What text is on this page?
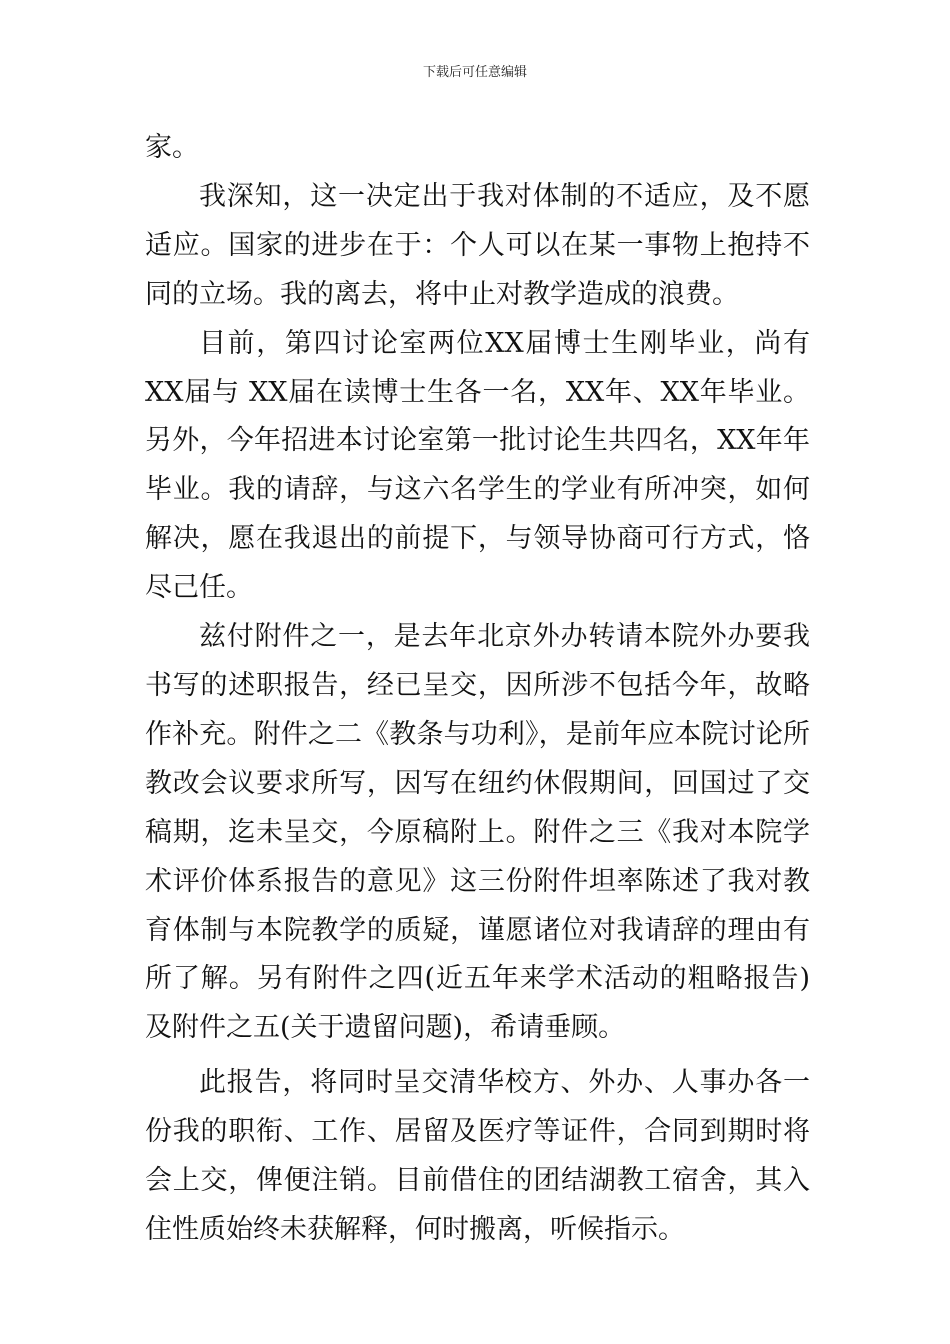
下载后可任意编辑

家。

我深知，这一决定出于我对体制的不适应，及不愿适应。国家的进步在于：个人可以在某一事物上抱持不同的立场。我的离去，将中止对教学造成的浪费。

目前，第四讨论室两位XX届博士生刚毕业，尚有XX届与 XX届在读博士生各一名，XX年、XX年毕业。另外，今年招进本讨论室第一批讨论生共四名，XX年年毕业。我的请辞，与这六名学生的学业有所冲突，如何解决，愿在我退出的前提下，与领导协商可行方式，恪尽己任。

兹付附件之一，是去年北京外办转请本院外办要我书写的述职报告，经已呈交，因所涉不包括今年，故略作补充。附件之二《教条与功利》，是前年应本院讨论所教改会议要求所写，因写在纽约休假期间，回国过了交稿期，迄未呈交，今原稿附上。附件之三《我对本院学术评价体系报告的意见》这三份附件坦率陈述了我对教育体制与本院教学的质疑，谨愿诸位对我请辞的理由有所了解。另有附件之四(近五年来学术活动的粗略报告)及附件之五(关于遗留问题)，希请垂顾。

此报告，将同时呈交清华校方、外办、人事办各一份我的职衔、工作、居留及医疗等证件，合同到期时将会上交，俾便注销。目前借住的团结湖教工宿舍，其入住性质始终未获解释，何时搬离，听候指示。
